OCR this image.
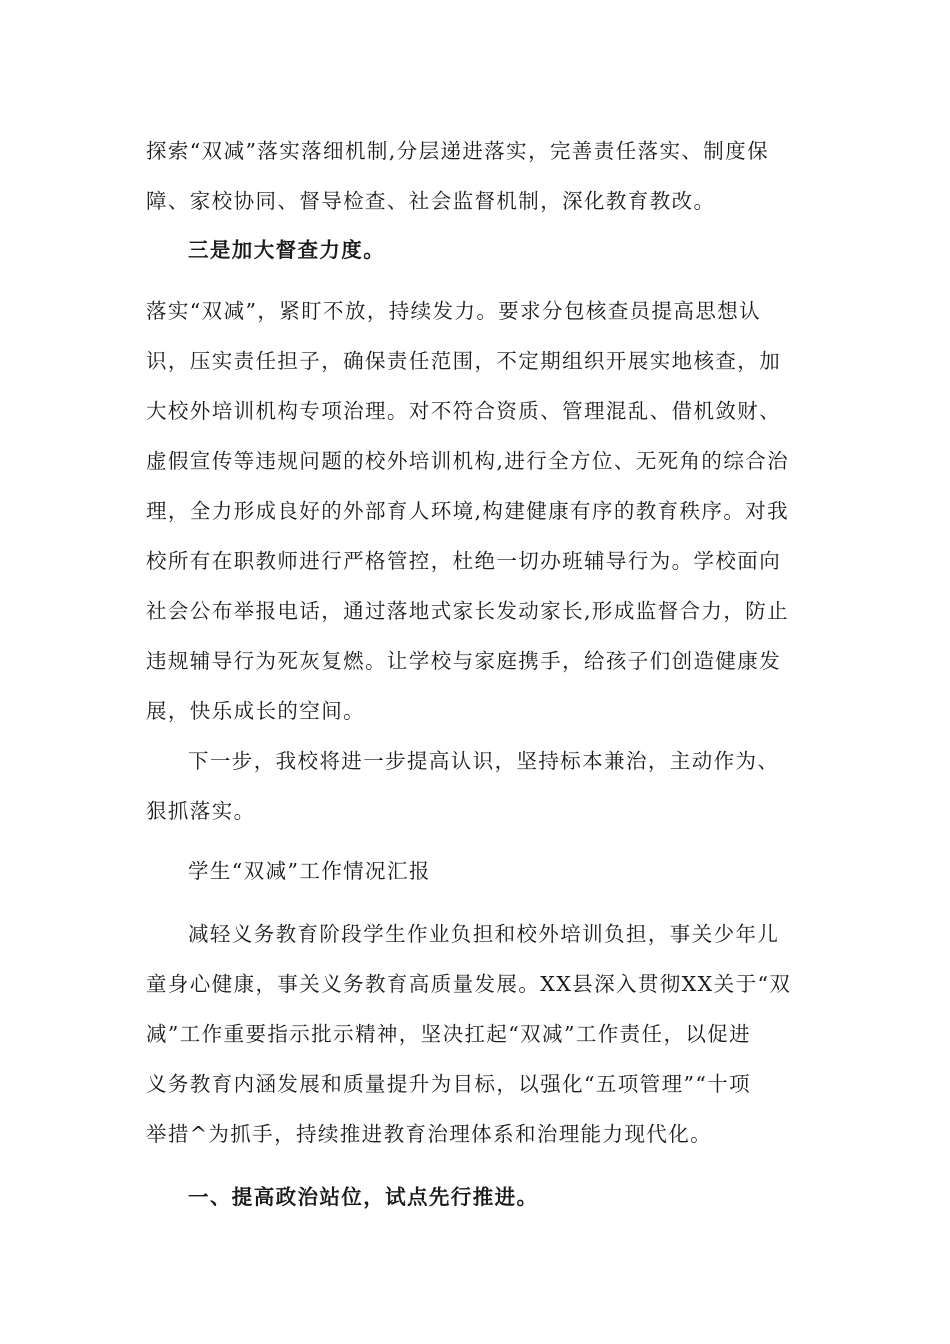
探索“双减”落实落细机制,分层递进落实，完善责任落实、制度保
障、家校协同、督导检查、社会监督机制，深化教育教改。
三是加大督查力度。
落实“双减”，紧盯不放，持续发力。要求分包核查员提高思想认
识，压实责任担子，确保责任范围，不定期组织开展实地核查，加
大校外培训机构专项治理。对不符合资质、管理混乱、借机敛财、
虚假宣传等违规问题的校外培训机构,进行全方位、无死角的综合治
理，全力形成良好的外部育人环境,构建健康有序的教育秩序。对我
校所有在职教师进行严格管控，杜绝一切办班辅导行为。学校面向
社会公布举报电话，通过落地式家长发动家长,形成监督合力，防止
违规辅导行为死灰复燃。让学校与家庭携手，给孩子们创造健康发
展，快乐成长的空间。
下一步，我校将进一步提高认识，坚持标本兼治，主动作为、
狠抓落实。
学生“双减”工作情况汇报
减轻义务教育阶段学生作业负担和校外培训负担，事关少年儿
童身心健康，事关义务教育高质量发展。XX县深入贯彻XX关于“双
减”工作重要指示批示精神，坚决扛起“双减”工作责任，以促进
义务教育内涵发展和质量提升为目标，以强化“五项管理”“十项
举措^为抓手，持续推进教育治理体系和治理能力现代化。
一、提高政治站位，试点先行推进。
